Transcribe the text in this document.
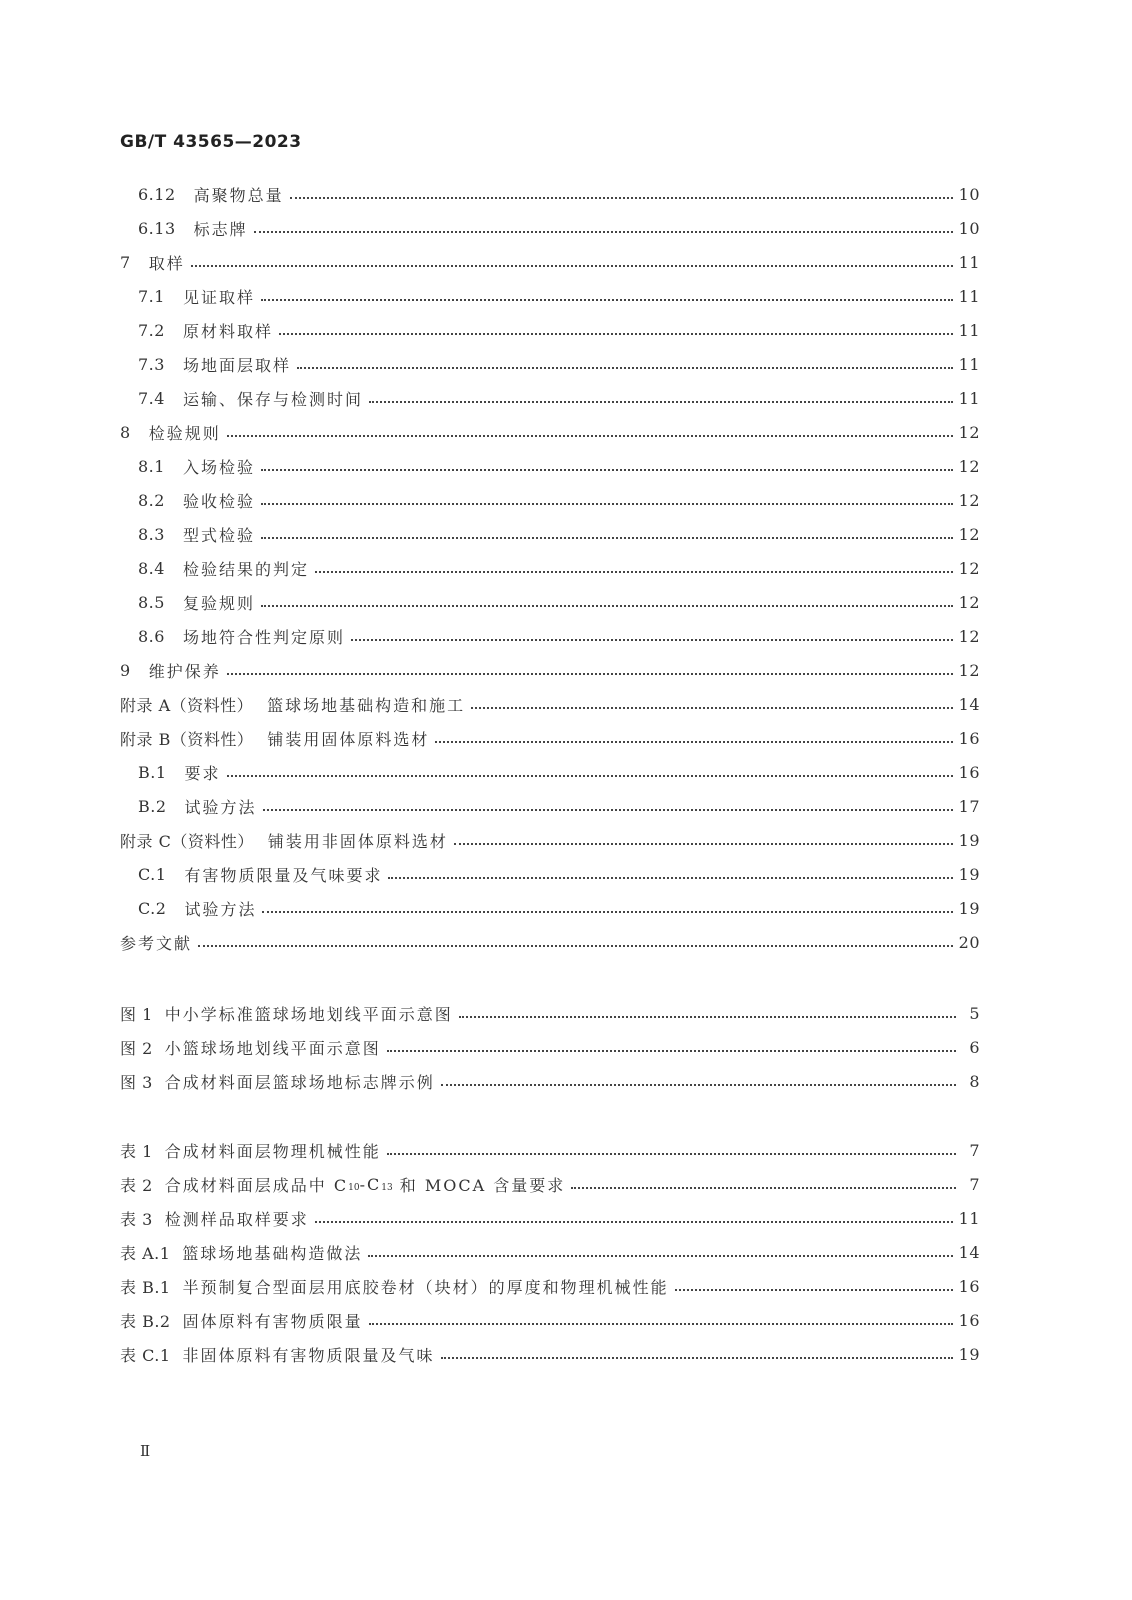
GB/T 43565—2023
6.12 高聚物总量	10
6.13 标志牌	10
7 取样	11
7.1 见证取样	11
7.2 原材料取样	11
7.3 场地面层取样	11
7.4 运输、保存与检测时间	11
8 检验规则	12
8.1 入场检验	12
8.2 验收检验	12
8.3 型式检验	12
8.4 检验结果的判定	12
8.5 复验规则	12
8.6 场地符合性判定原则	12
9 维护保养	12
附录 A（资料性） 篮球场地基础构造和施工	14
附录 B（资料性） 铺装用固体原料选材	16
B.1 要求	16
B.2 试验方法	17
附录 C（资料性） 铺装用非固体原料选材	19
C.1 有害物质限量及气味要求	19
C.2 试验方法	19
参考文献	20
图 1 中小学标准篮球场地划线平面示意图	5
图 2 小篮球场地划线平面示意图	6
图 3 合成材料面层篮球场地标志牌示例	8
表 1 合成材料面层物理机械性能	7
表 2 合成材料面层成品中 C 10 -C 13 和 MOCA 含量要求	7
表 3 检测样品取样要求	11
表 A.1 篮球场地基础构造做法	14
表 B.1 半预制复合型面层用底胶卷材（块材）的厚度和物理机械性能	16
表 B.2 固体原料有害物质限量	16
表 C.1 非固体原料有害物质限量及气味	19
Ⅱ
